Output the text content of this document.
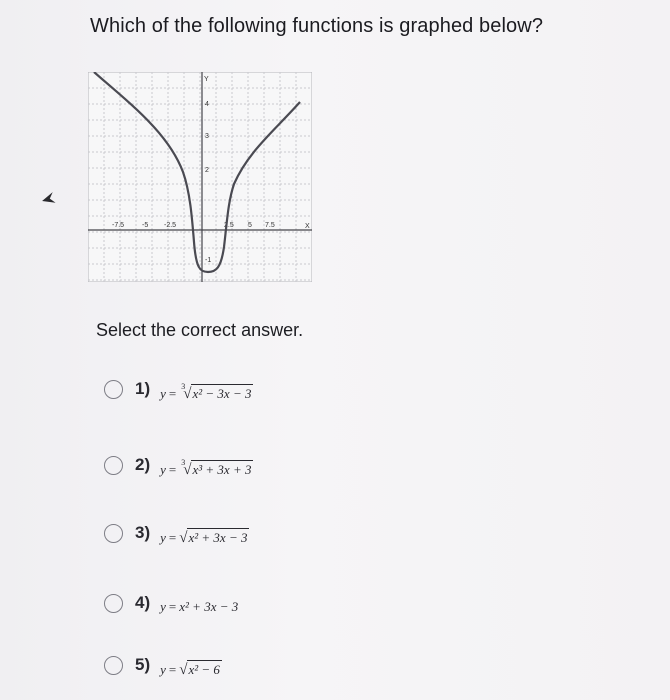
Which of the following functions is graphed below?
Y
X
-7.5	-5 -2.5	2.5 5 7.5
4
3
2
-1
Select the correct answer.
1) y = 3
√ x² − 3x − 3
2) y = 3
√ x³ + 3x + 3
3) y = √ x² + 3x − 3
4) y = x² + 3x − 3
5) y = √ x² − 6
